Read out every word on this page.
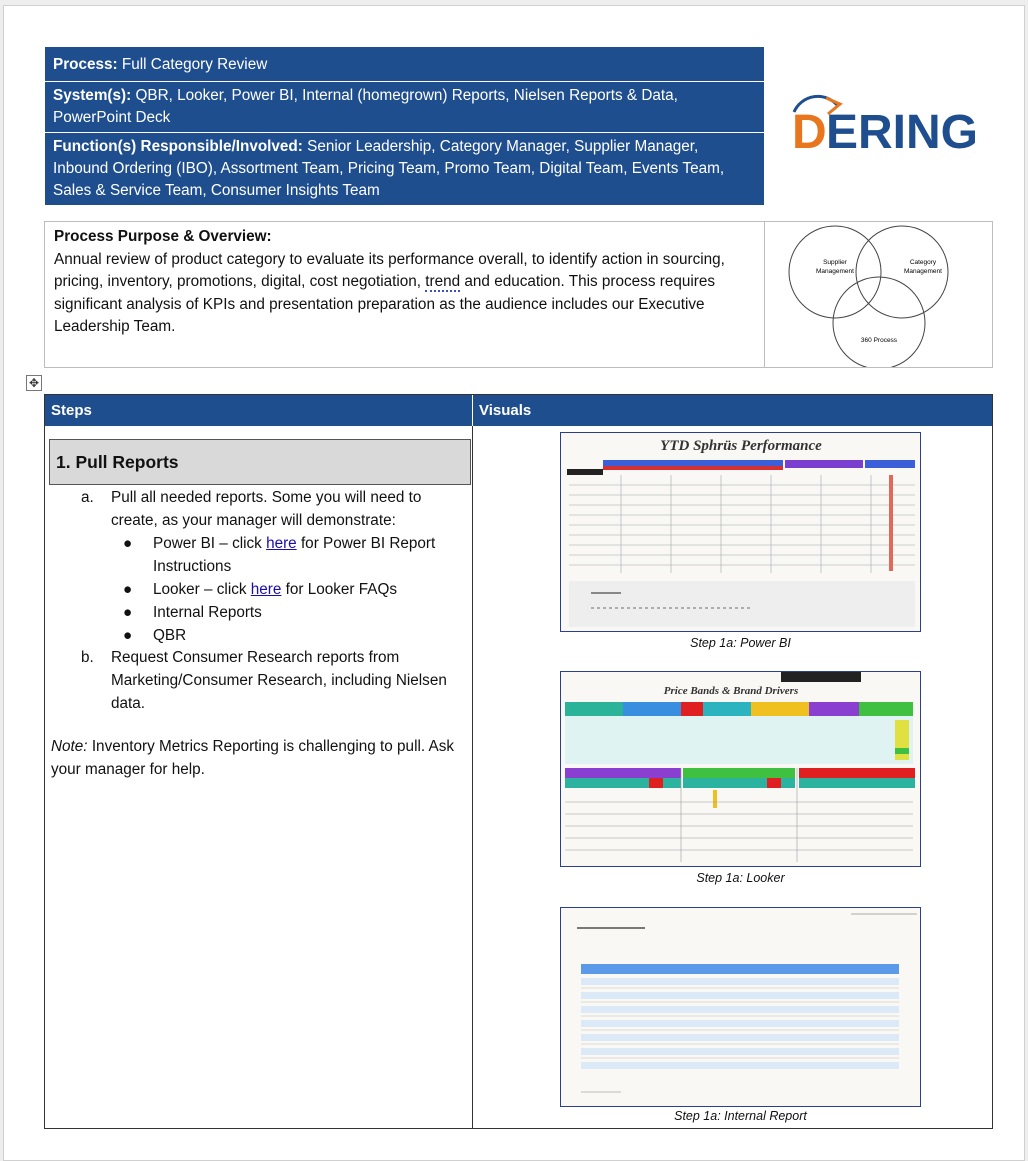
Process: Full Category Review
System(s): QBR, Looker, Power BI, Internal (homegrown) Reports, Nielsen Reports & Data, PowerPoint Deck
Function(s) Responsible/Involved: Senior Leadership, Category Manager, Supplier Manager, Inbound Ordering (IBO), Assortment Team, Pricing Team, Promo Team, Digital Team, Events Team, Sales & Service Team, Consumer Insights Team
D ERING
Process Purpose & Overview:
Annual review of product category to evaluate its performance overall, to identify action in sourcing, pricing, inventory, promotions, digital, cost negotiation, trend and education. This process requires significant analysis of KPIs and presentation preparation as the audience includes our Executive Leadership Team.
Supplier
Management
Category
Management
360 Process
✥
Steps	Visuals
1. Pull Reports
a.	Pull all needed reports. Some you will need to create, as your manager will demonstrate:
● Power BI – click here for Power BI Report Instructions
● Looker – click here for Looker FAQs
● Internal Reports
● QBR
b.	Request Consumer Research reports from Marketing/Consumer Research, including Nielsen data.
Note: Inventory Metrics Reporting is challenging to pull. Ask your manager for help.
YTD Sphrüs Performance
Step 1a: Power BI
Price Bands & Brand Drivers
Step 1a: Looker
Step 1a: Internal Report
